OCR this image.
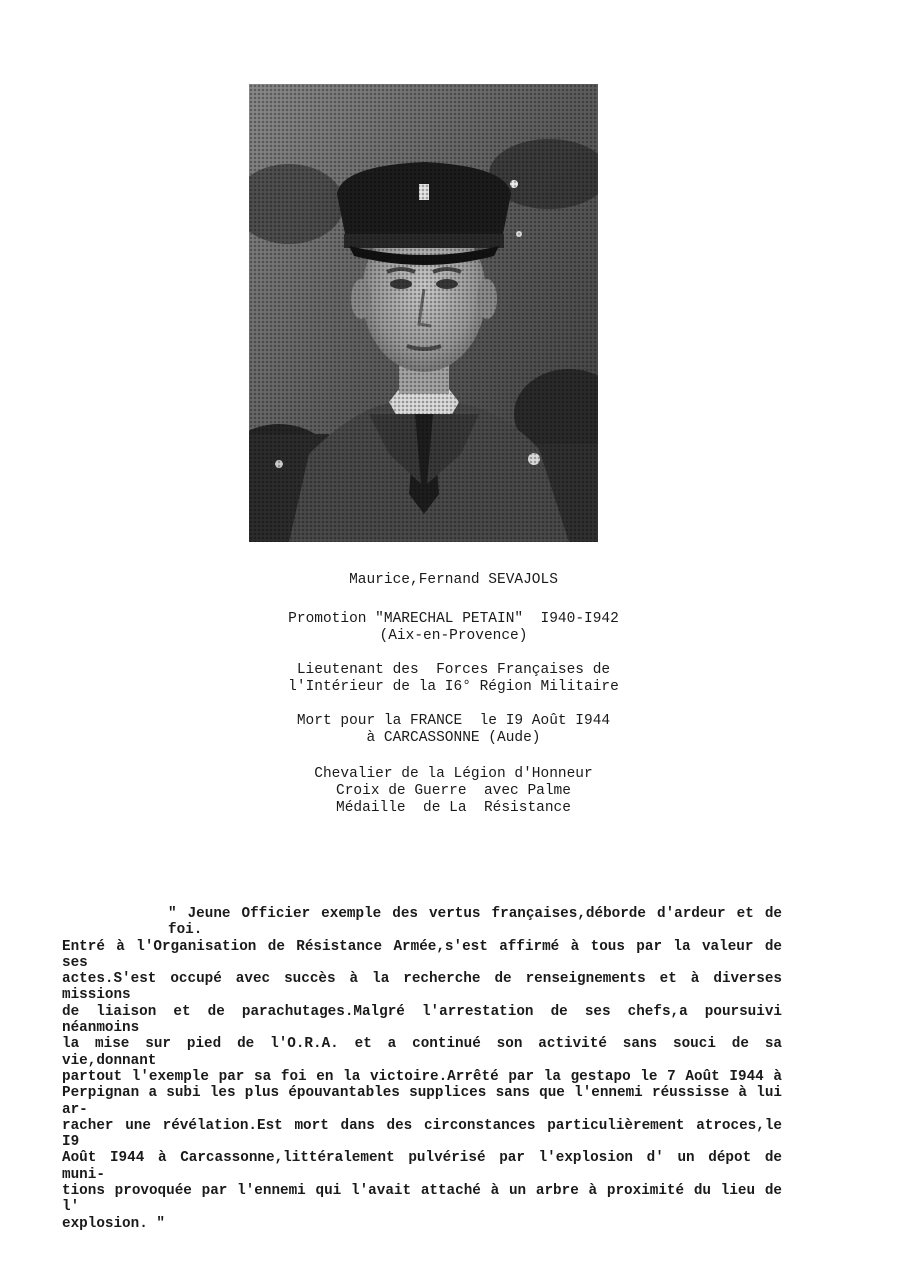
Maurice,Fernand SEVAJOLS
Promotion "MARECHAL PETAIN"  I940-I942
(Aix-en-Provence)
Lieutenant des  Forces Françaises de
l'Intérieur de la I6° Région Militaire
Mort pour la FRANCE  le I9 Août I944
à CARCASSONNE (Aude)
Chevalier de la Légion d'Honneur
Croix de Guerre  avec Palme
Médaille  de La  Résistance
" Jeune Officier exemple des vertus françaises,déborde d'ardeur et de foi.
Entré à l'Organisation de Résistance Armée,s'est affirmé à tous par la valeur de ses
actes.S'est occupé avec succès à la recherche de renseignements et à diverses missions
de liaison et de parachutages.Malgré l'arrestation de ses chefs,a poursuivi néanmoins
la mise sur pied de l'O.R.A. et a continué son activité sans souci de sa vie,donnant
partout l'exemple par sa foi en la victoire.Arrêté par la gestapo le 7 Août I944 à
Perpignan a subi les plus épouvantables supplices sans que l'ennemi réussisse à lui ar-
racher une révélation.Est mort dans des circonstances particulièrement atroces,le I9
Août I944 à Carcassonne,littéralement pulvérisé par l'explosion d' un dépot de muni-
tions provoquée par l'ennemi qui l'avait attaché à un arbre à proximité du lieu de l'
explosion. "
